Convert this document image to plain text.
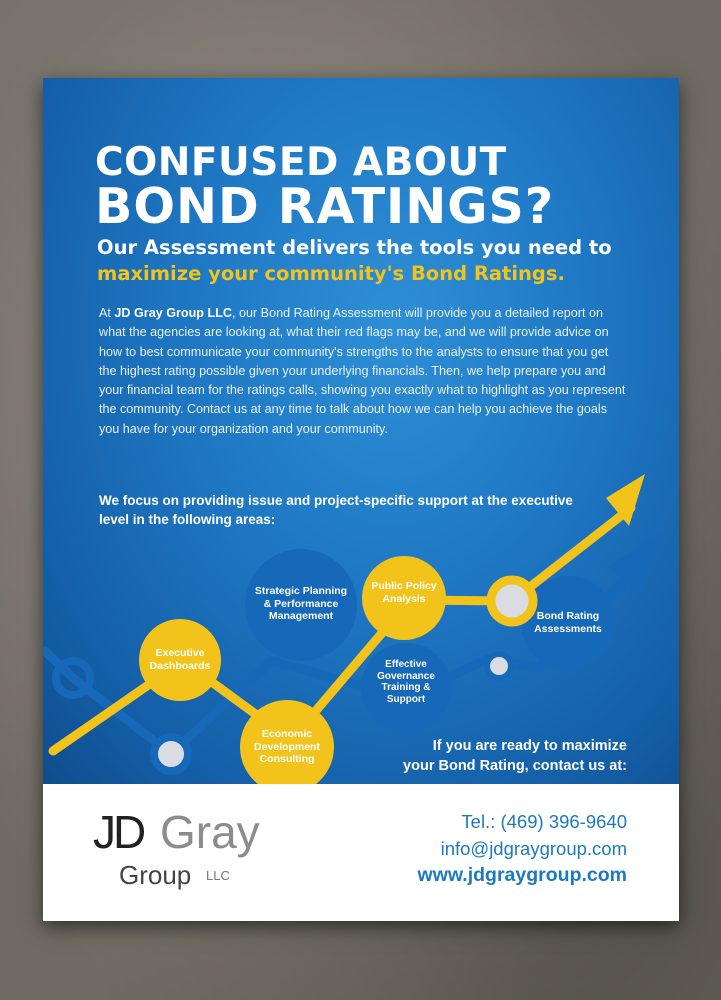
CONFUSED ABOUT
BOND RATINGS?
Our Assessment delivers the tools you need to
maximize your community's Bond Ratings.
At JD Gray Group LLC, our Bond Rating Assessment will provide you a detailed report on what the agencies are looking at, what their red flags may be, and we will provide advice on how to best communicate your community's strengths to the analysts to ensure that you get the highest rating possible given your underlying financials. Then, we help prepare you and your financial team for the ratings calls, showing you exactly what to highlight as you represent the community. Contact us at any time to talk about how we can help you achieve the goals you have for your organization and your community.
We focus on providing issue and project-specific support at the executive level in the following areas:
Executive
Dashboards
Strategic Planning
& Performance
Management
Economic
Development
Consulting
Public Policy
Analysis
Effective
Governance
Training &
Support
Bond Rating
Assessments
If you are ready to maximize
your Bond Rating, contact us at:
JD Gray
Group LLC
Tel.: (469) 396-9640
info@jdgraygroup.com
www.jdgraygroup.com
